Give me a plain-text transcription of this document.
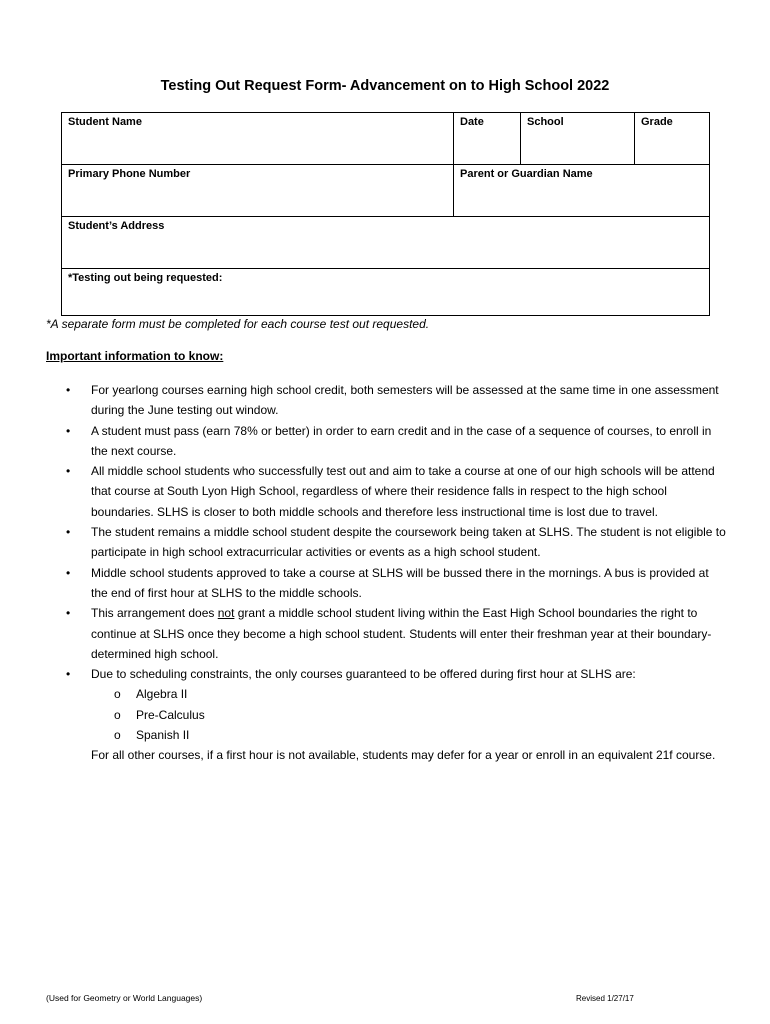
Testing Out Request Form- Advancement on to High School 2022
Student Name	Date	School	Grade
Primary Phone Number	Parent or Guardian Name		
Student’s Address			
*Testing out being requested:			
*A separate form must be completed for each course test out requested.
Important information to know:
• For yearlong courses earning high school credit, both semesters will be assessed at the same time in one assessment during the June testing out window.
• A student must pass (earn 78% or better) in order to earn credit and in the case of a sequence of courses, to enroll in the next course.
• All middle school students who successfully test out and aim to take a course at one of our high schools will be attend that course at South Lyon High School, regardless of where their residence falls in respect to the high school boundaries. SLHS is closer to both middle schools and therefore less instructional time is lost due to travel.
• The student remains a middle school student despite the coursework being taken at SLHS. The student is not eligible to participate in high school extracurricular activities or events as a high school student.
• Middle school students approved to take a course at SLHS will be bussed there in the mornings. A bus is provided at the end of first hour at SLHS to the middle schools.
• This arrangement does not grant a middle school student living within the East High School boundaries the right to continue at SLHS once they become a high school student. Students will enter their freshman year at their boundary-determined high school.
• Due to scheduling constraints, the only courses guaranteed to be offered during first hour at SLHS are:
o Algebra II
o Pre-Calculus
o Spanish II
For all other courses, if a first hour is not available, students may defer for a year or enroll in an equivalent 21f course.
(Used for Geometry or World Languages)	Revised 1/27/17
